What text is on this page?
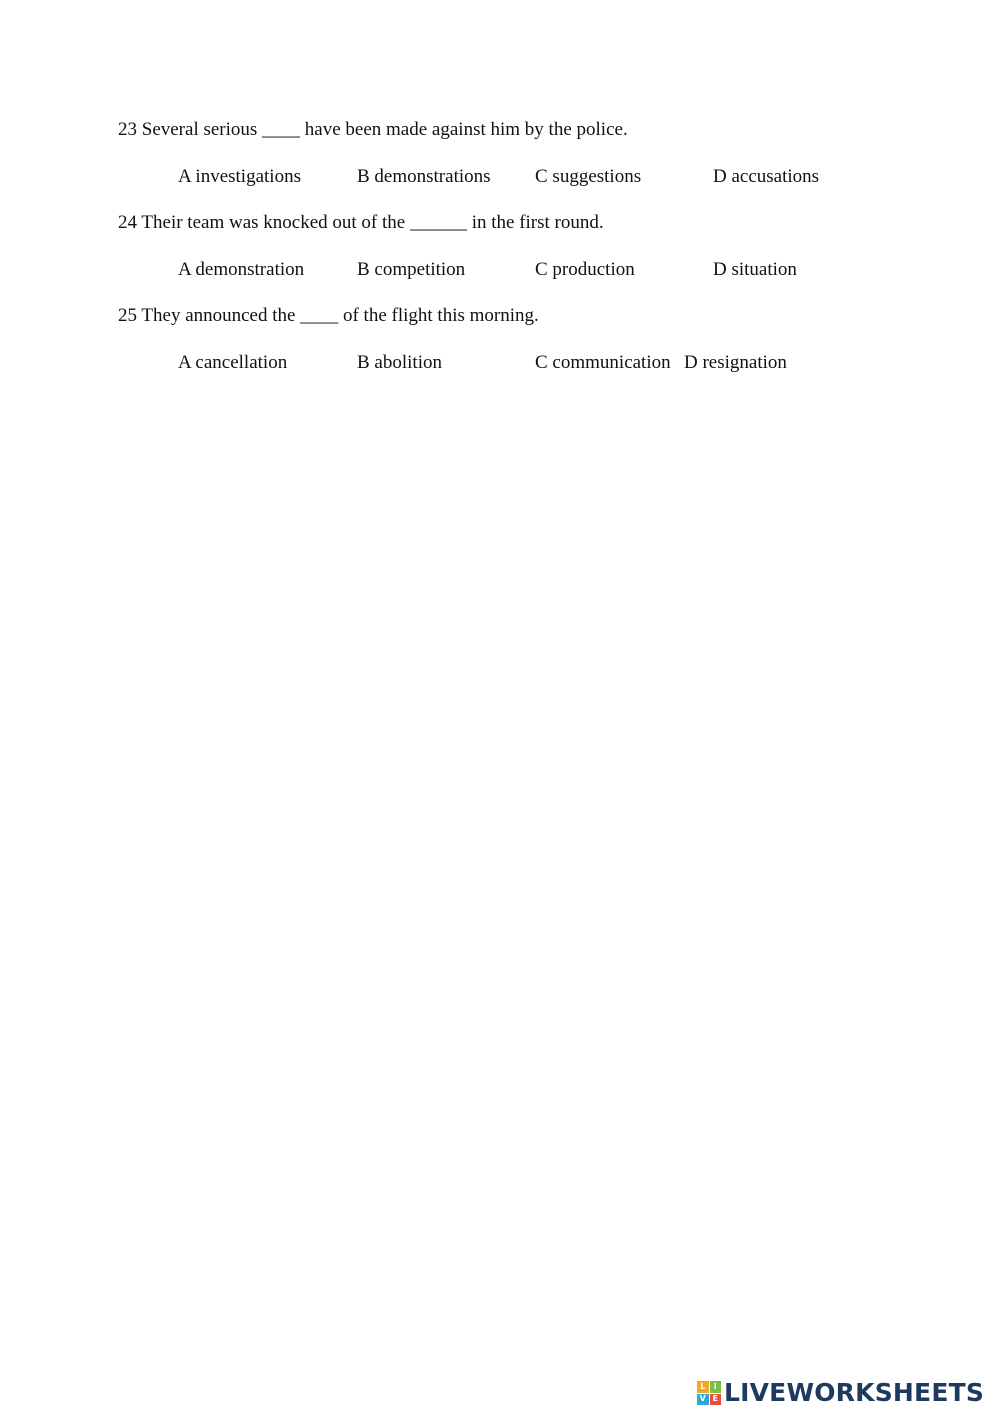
23 Several serious ____ have been made against him by the police.
A investigations	B demonstrations C suggestions	D accusations
24 Their team was knocked out of the ______ in the first round.
A demonstration	B competition	C production	D situation
25 They announced the ____ of the flight this morning.
A cancellation	B abolition	C communication D resignation
L	I
V E LIVEWORKSHEETS
